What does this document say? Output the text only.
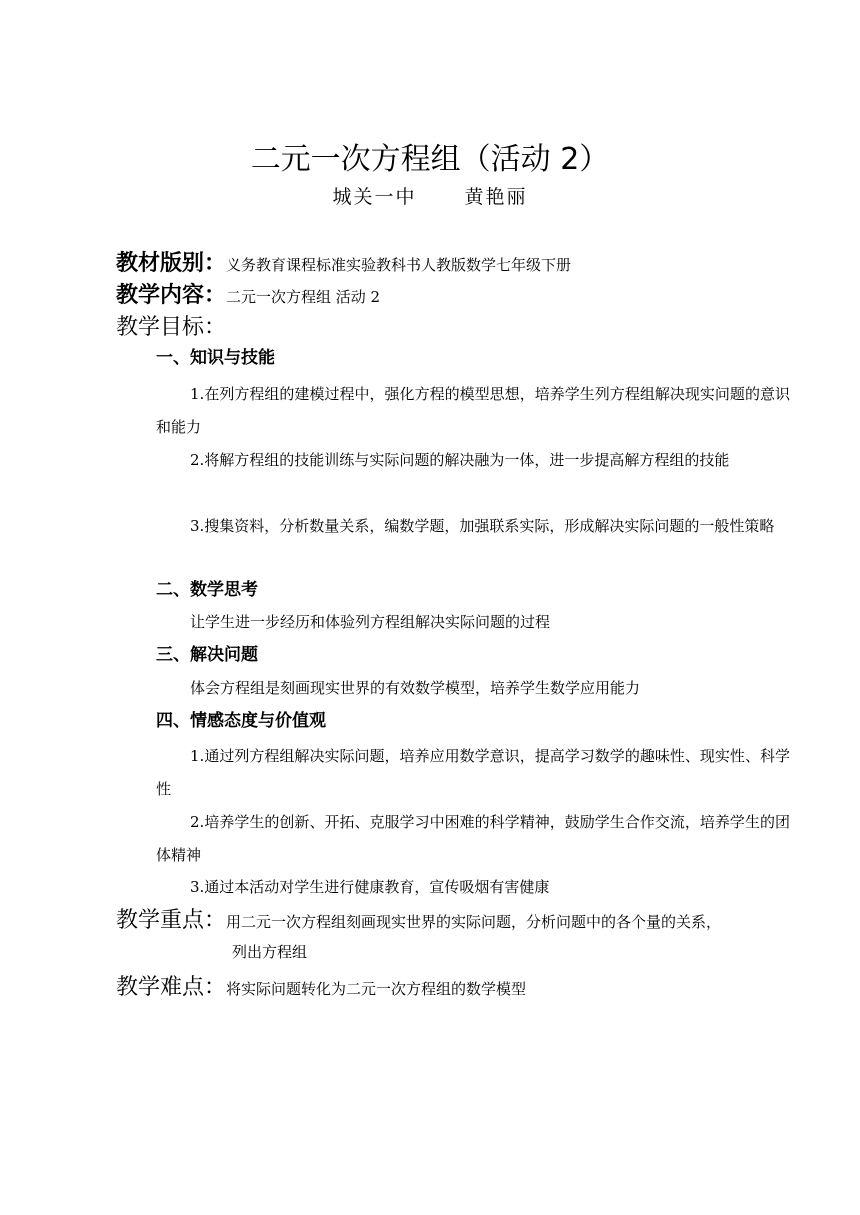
二元一次方程组（活动 2）
城关一中	黄艳丽
教材版别：义务教育课程标准实验教科书人教版数学七年级下册
教学内容：二元一次方程组 活动 2
教学目标：
一、知识与技能
1.在列方程组的建模过程中，强化方程的模型思想，培养学生列方程组解决现实问题的意识和能力
2.将解方程组的技能训练与实际问题的解决融为一体，进一步提高解方程组的技能
3.搜集资料，分析数量关系，编数学题，加强联系实际，形成解决实际问题的一般性策略
二、数学思考
让学生进一步经历和体验列方程组解决实际问题的过程
三、解决问题
体会方程组是刻画现实世界的有效数学模型，培养学生数学应用能力
四、情感态度与价值观
1.通过列方程组解决实际问题，培养应用数学意识，提高学习数学的趣味性、现实性、科学性
2.培养学生的创新、开拓、克服学习中困难的科学精神，鼓励学生合作交流，培养学生的团体精神
3.通过本活动对学生进行健康教育，宣传吸烟有害健康
教学重点：用二元一次方程组刻画现实世界的实际问题，分析问题中的各个量的关系，
列出方程组
教学难点：将实际问题转化为二元一次方程组的数学模型
